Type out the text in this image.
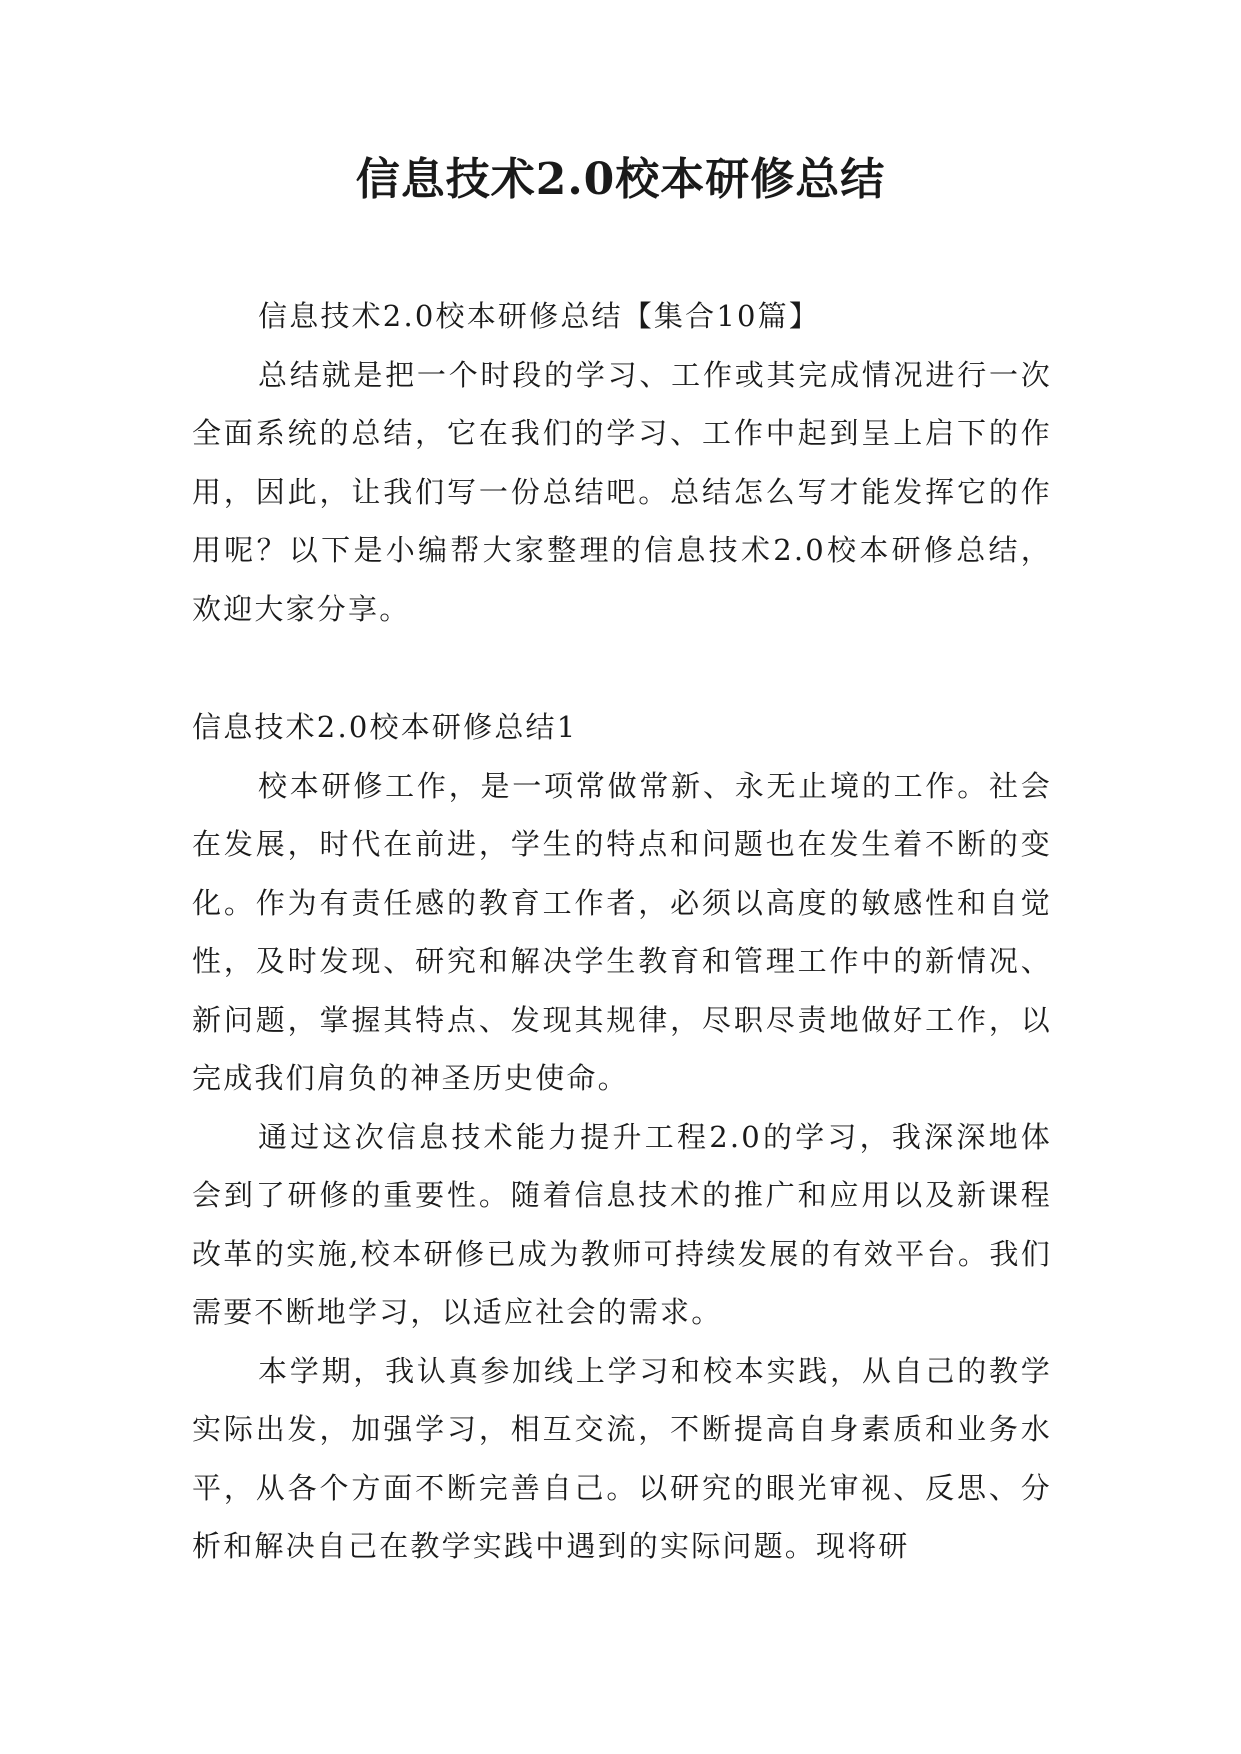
信息技术2.0校本研修总结

信息技术2.0校本研修总结【集合10篇】

总结就是把一个时段的学习、工作或其完成情况进行一次全面系统的总结，它在我们的学习、工作中起到呈上启下的作用，因此，让我们写一份总结吧。总结怎么写才能发挥它的作用呢？以下是小编帮大家整理的信息技术2.0校本研修总结，欢迎大家分享。

信息技术2.0校本研修总结1

校本研修工作，是一项常做常新、永无止境的工作。社会在发展，时代在前进，学生的特点和问题也在发生着不断的变化。作为有责任感的教育工作者，必须以高度的敏感性和自觉性，及时发现、研究和解决学生教育和管理工作中的新情况、新问题，掌握其特点、发现其规律，尽职尽责地做好工作，以完成我们肩负的神圣历史使命。

通过这次信息技术能力提升工程2.0的学习，我深深地体会到了研修的重要性。随着信息技术的推广和应用以及新课程改革的实施,校本研修已成为教师可持续发展的有效平台。我们需要不断地学习，以适应社会的需求。

本学期，我认真参加线上学习和校本实践，从自己的教学实际出发，加强学习，相互交流，不断提高自身素质和业务水平，从各个方面不断完善自己。以研究的眼光审视、反思、分析和解决自己在教学实践中遇到的实际问题。现将研
